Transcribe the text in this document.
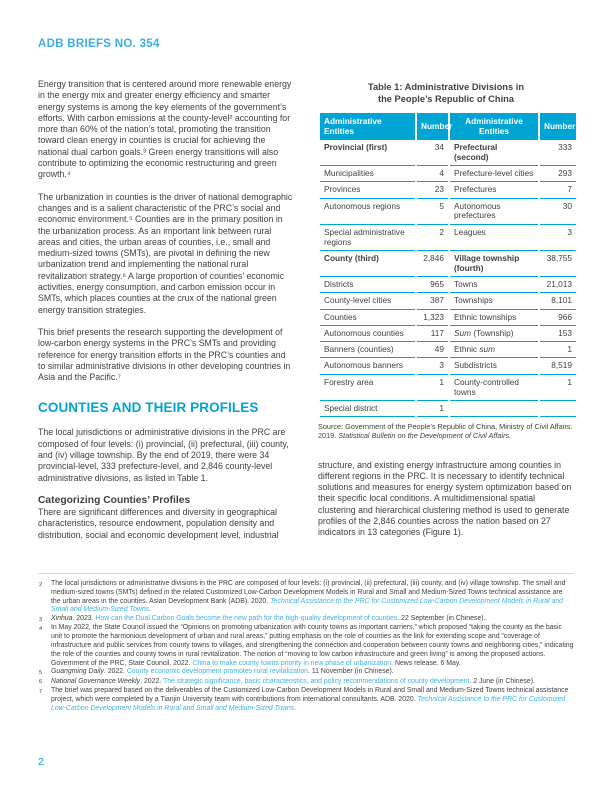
ADB BRIEFS NO. 354

Energy transition that is centered around more renewable energy in the energy mix and greater energy efficiency and smarter energy systems is among the key elements of the government’s efforts. With carbon emissions at the county-level² accounting for more than 60% of the nation’s total, promoting the transition toward clean energy in counties is crucial for achieving the national dual carbon goals.³ Green energy transitions will also contribute to optimizing the economic restructuring and green growth.⁴

The urbanization in counties is the driver of national demographic changes and is a salient characteristic of the PRC’s social and economic environment.⁵ Counties are in the primary position in the urbanization process. As an important link between rural areas and cities, the urban areas of counties, i.e., small and medium-sized towns (SMTs), are pivotal in defining the new urbanization trend and implementing the national rural revitalization strategy.⁶ A large proportion of counties’ economic activities, energy consumption, and carbon emission occur in SMTs, which places counties at the crux of the national green energy transition strategies.

This brief presents the research supporting the development of low-carbon energy systems in the PRC’s SMTs and providing reference for energy transition efforts in the PRC’s counties and to similar administrative divisions in other developing countries in Asia and the Pacific.⁷

COUNTIES AND THEIR PROFILES

The local jurisdictions or administrative divisions in the PRC are composed of four levels: (i) provincial, (ii) prefectural, (iii) county, and (iv) village township. By the end of 2019, there were 34 provincial-level, 333 prefecture-level, and 2,846 county-level administrative divisions, as listed in Table 1.

Categorizing Counties’ Profiles

There are significant differences and diversity in geographical characteristics, resource endowment, population density and distribution, social and economic development level, industrial

Table 1: Administrative Divisions in
the People’s Republic of China
Administrative Entities	Number	Administrative Entities	Number
Provincial (first)	34	Prefectural (second)	333
Municipalities	4	Prefecture-level cities	293
Provinces	23	Prefectures	7
Autonomous regions	5	Autonomous prefectures	30
Special administrative regions	2	Leagues	3
County (third)	2,846	Village township (fourth)	38,755
Districts	965	Towns	21,013
County-level cities	387	Townships	8,101
Counties	1,323	Ethnic townships	966
Autonomous counties	117	Sum (Township)	153
Banners (counties)	49	Ethnic sum	1
Autonomous banners	3	Subdistricts	8,519
Forestry area	1	County-controlled towns	1
Special district	1		

Source: Government of the People’s Republic of China, Ministry of Civil Affairs. 2019. Statistical Bulletin on the Development of Civil Affairs.

structure, and existing energy infrastructure among counties in different regions in the PRC. It is necessary to identify technical solutions and measures for energy system optimization based on their specific local conditions. A multidimensional spatial clustering and hierarchical clustering method is used to generate profiles of the 2,846 counties across the nation based on 27 indicators in 13 categories (Figure 1).

2	The local jurisdictions or administrative divisions in the PRC are composed of four levels: (i) provincial, (ii) prefectural, (iii) county, and (iv) village township. The small and medium-sized towns (SMTs) defined in the related Customized Low-Carbon Development Models in Rural and Small and Medium-Sized Towns technical assistance are the urban areas in the counties. Asian Development Bank (ADB). 2020. Technical Assistance to the PRC for Customized Low-Carbon Development Models in Rural and Small and Medium-Sized Towns.
3	Xinhua. 2023. How can the Dual Carbon Goals become the new path for the high-quality development of counties. 22 September (in Chinese).
4	In May 2022, the State Council issued the “Opinions on promoting urbanization with county towns as important carriers,” which proposed “taking the county as the basic unit to promote the harmonious development of urban and rural areas,” putting emphasis on the role of counties as the link for extending scope and “coverage of infrastructure and public services from county towns to villages, and strengthening the connection and cooperation between county towns and neighboring cities,” indicating the role of the counties and county towns in rural revitalization. The notion of “moving to low carbon infrastructure and green living” is among the proposed actions. Government of the PRC, State Council. 2022. China to make county towns priority in new phase of urbanization. News release. 6 May.
5	Guangming Daily. 2022. County economic development promotes rural revitalization. 11 November (in Chinese).
6	National Governance Weekly. 2022. The strategic significance, basic characteristics, and policy recommendations of county development. 2 June (in Chinese).
7	The brief was prepared based on the deliverables of the Customized Low-Carbon Development Models in Rural and Small and Medium-Sized Towns technical assistance project, which were completed by a Tianjin University team with contributions from international consultants. ADB. 2020. Technical Assistance to the PRC for Customized Low-Carbon Development Models in Rural and Small and Medium-Sized Towns.
2
